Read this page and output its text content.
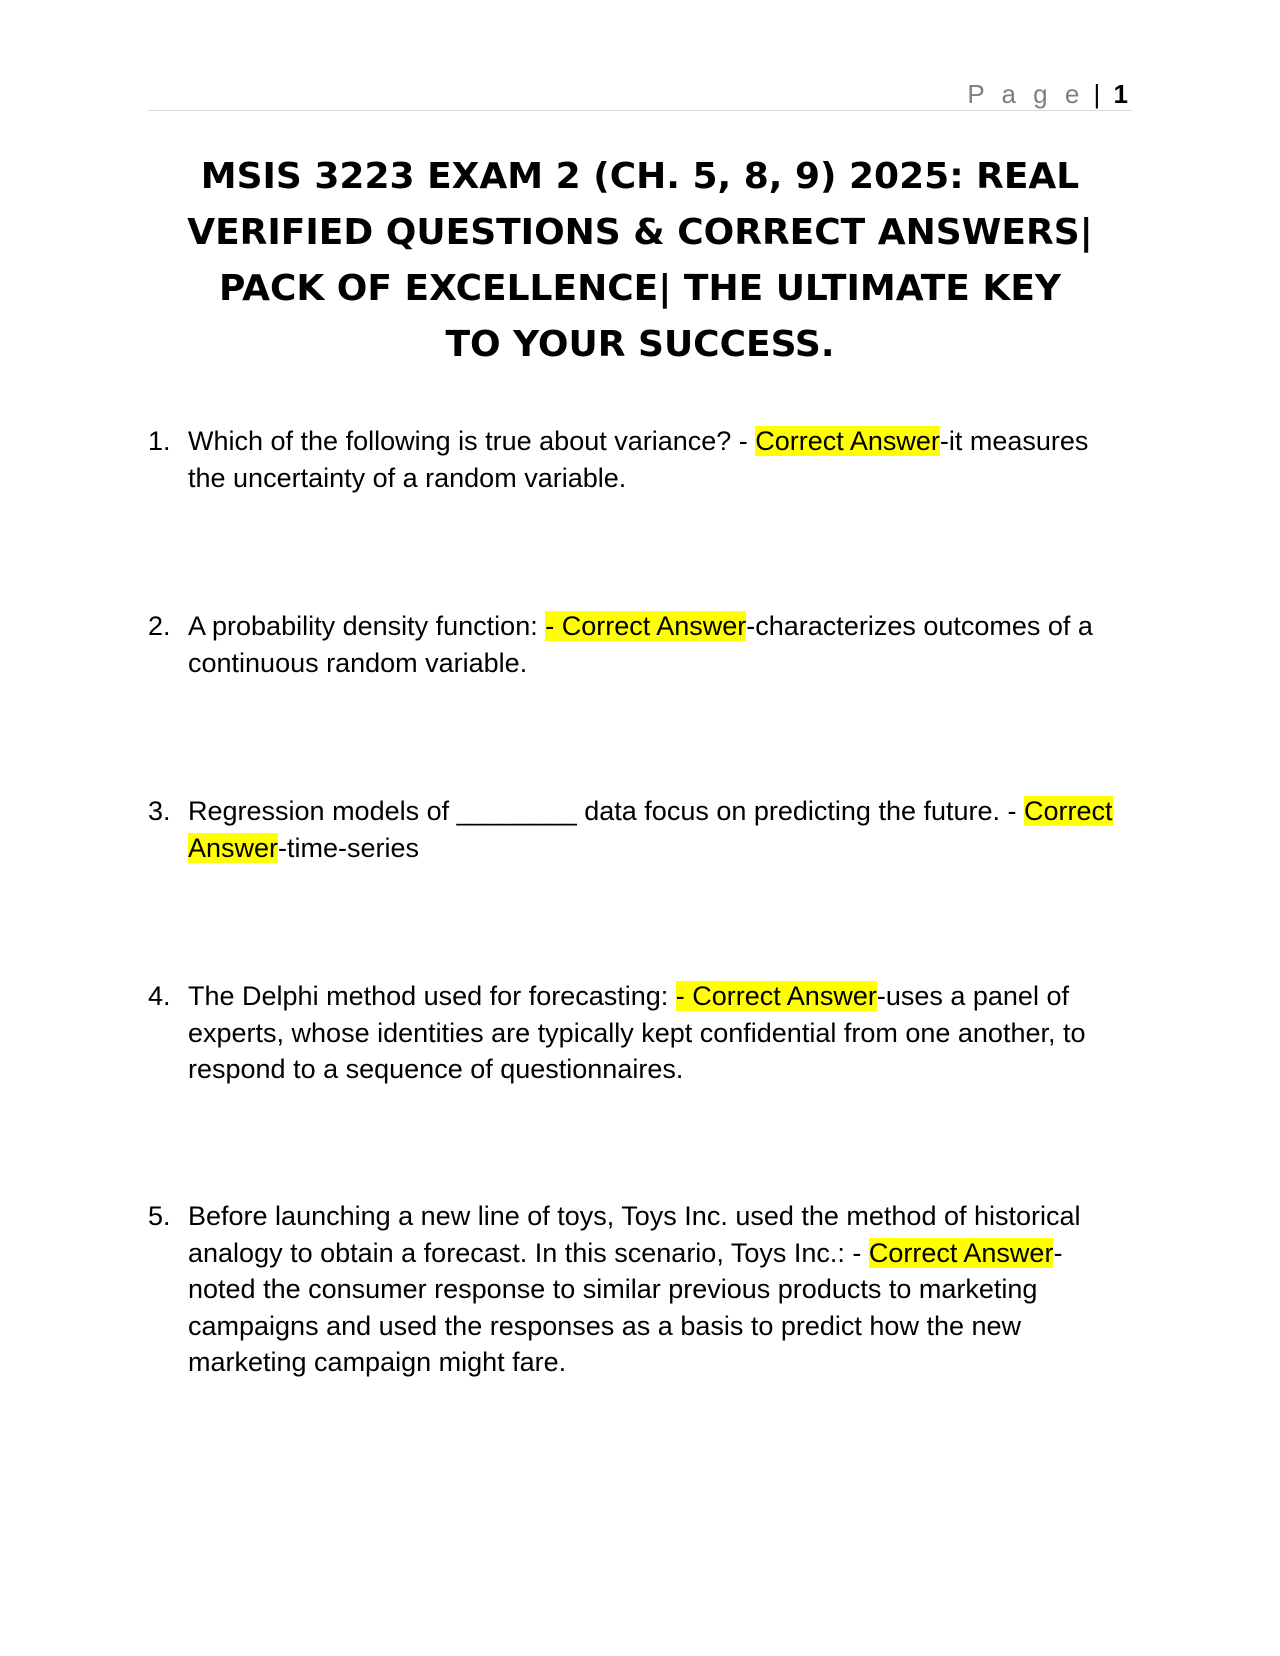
P a g e | 1
MSIS 3223 EXAM 2 (CH. 5, 8, 9) 2025: REAL
VERIFIED QUESTIONS & CORRECT ANSWERS|
PACK OF EXCELLENCE| THE ULTIMATE KEY
TO YOUR SUCCESS.
1. Which of the following is true about variance? - Correct Answer-it measures the uncertainty of a random variable.
2. A probability density function: - Correct Answer-characterizes outcomes of a continuous random variable.
3. Regression models of ________ data focus on predicting the future. - Correct Answer-time-series
4. The Delphi method used for forecasting: - Correct Answer-uses a panel of experts, whose identities are typically kept confidential from one another, to respond to a sequence of questionnaires.
5. Before launching a new line of toys, Toys Inc. used the method of historical analogy to obtain a forecast. In this scenario, Toys Inc.: - Correct Answer-noted the consumer response to similar previous products to marketing campaigns and used the responses as a basis to predict how the new marketing campaign might fare.
